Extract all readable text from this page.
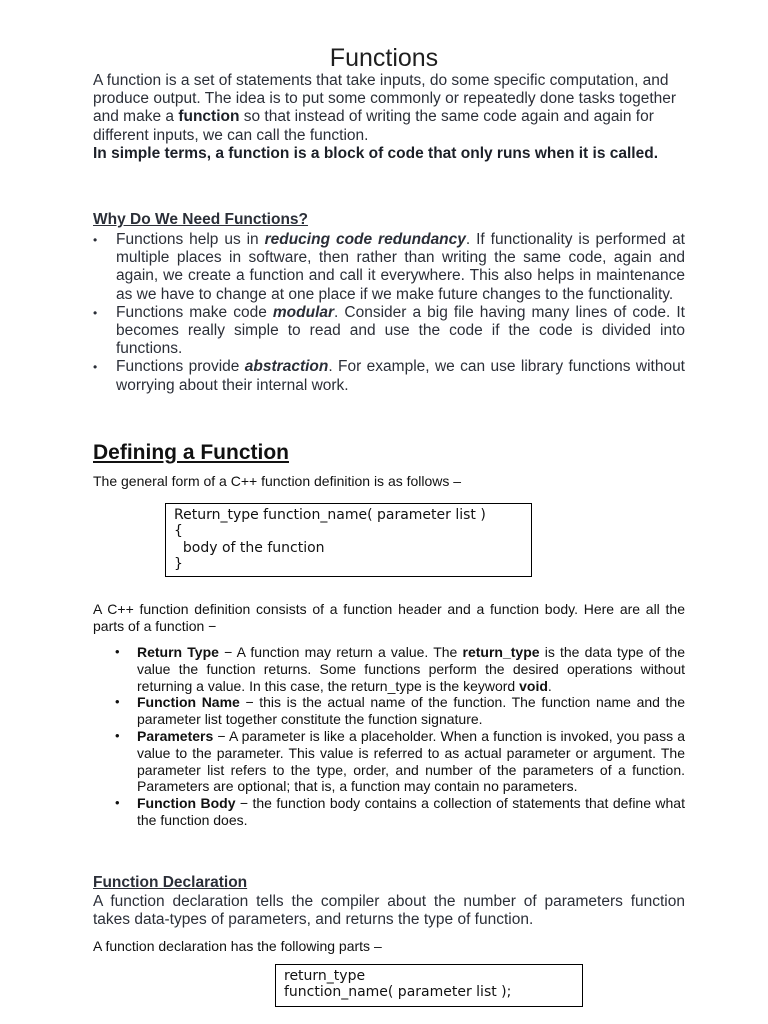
Functions
A function is a set of statements that take inputs, do some specific computation, and produce output. The idea is to put some commonly or repeatedly done tasks together and make a function so that instead of writing the same code again and again for different inputs, we can call the function.
In simple terms, a function is a block of code that only runs when it is called.
Why Do We Need Functions?
• Functions help us in reducing code redundancy. If functionality is performed at multiple places in software, then rather than writing the same code, again and again, we create a function and call it everywhere. This also helps in maintenance as we have to change at one place if we make future changes to the functionality.
• Functions make code modular. Consider a big file having many lines of code. It becomes really simple to read and use the code if the code is divided into functions.
• Functions provide abstraction. For example, we can use library functions without worrying about their internal work.
Defining a Function
The general form of a C++ function definition is as follows –
Return_type function_name( parameter list )
{
body of the function
}
A C++ function definition consists of a function header and a function body. Here are all the parts of a function −
• Return Type − A function may return a value. The return_type is the data type of the value the function returns. Some functions perform the desired operations without returning a value. In this case, the return_type is the keyword void.
• Function Name − this is the actual name of the function. The function name and the parameter list together constitute the function signature.
• Parameters − A parameter is like a placeholder. When a function is invoked, you pass a value to the parameter. This value is referred to as actual parameter or argument. The parameter list refers to the type, order, and number of the parameters of a function. Parameters are optional; that is, a function may contain no parameters.
• Function Body − the function body contains a collection of statements that define what the function does.
Function Declaration
A function declaration tells the compiler about the number of parameters function takes data-types of parameters, and returns the type of function.
A function declaration has the following parts –
return_type
function_name( parameter list );
